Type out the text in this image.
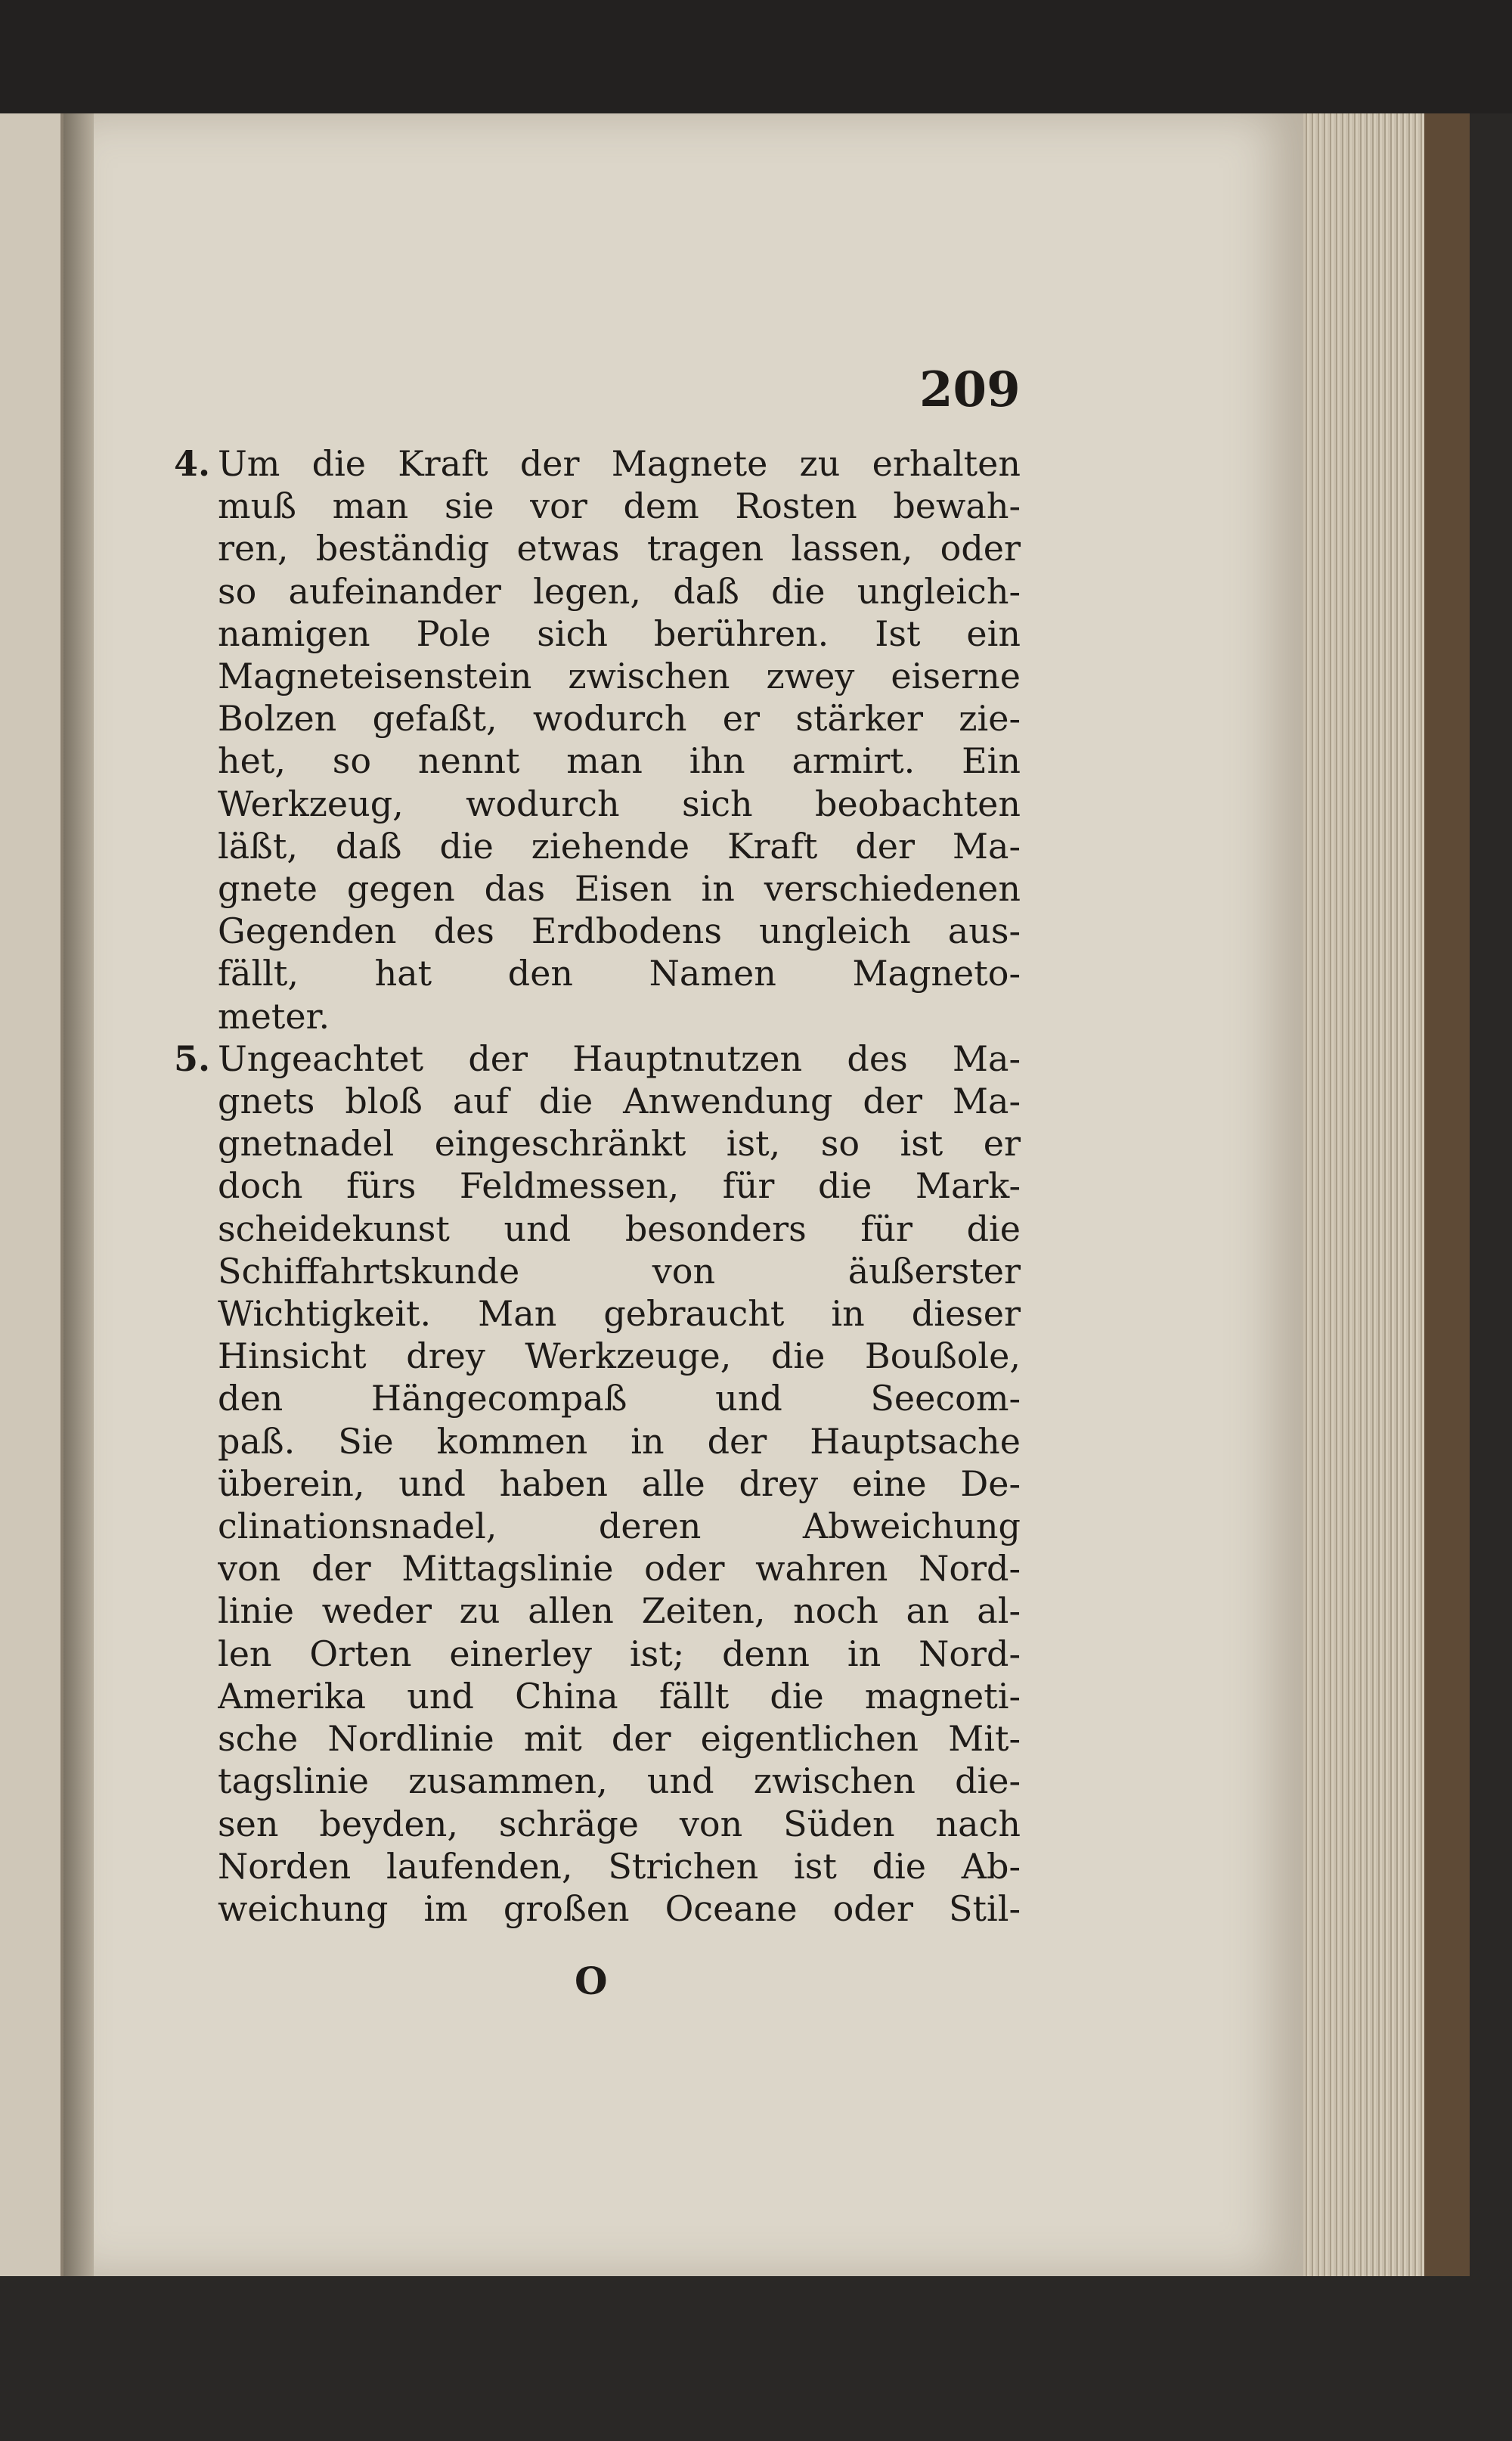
209
4. Um die Kraft der Magnete zu erhalten
muß man sie vor dem Rosten bewah-
ren, beständig etwas tragen lassen, oder
so aufeinander legen, daß die ungleich-
namigen Pole sich berühren. Ist ein
Magneteisenstein zwischen zwey eiserne
Bolzen gefaßt, wodurch er stärker zie-
het, so nennt man ihn armirt. Ein
Werkzeug, wodurch sich beobachten
läßt, daß die ziehende Kraft der Ma-
gnete gegen das Eisen in verschiedenen
Gegenden des Erdbodens ungleich aus-
fällt, hat den Namen Magneto-
meter.
5. Ungeachtet der Hauptnutzen des Ma-
gnets bloß auf die Anwendung der Ma-
gnetnadel eingeschränkt ist, so ist er
doch fürs Feldmessen, für die Mark-
scheidekunst und besonders für die
Schiffahrtskunde von äußerster
Wichtigkeit. Man gebraucht in dieser
Hinsicht drey Werkzeuge, die Boußole,
den Hängecompaß und Seecom-
paß. Sie kommen in der Hauptsache
überein, und haben alle drey eine De-
clinationsnadel, deren Abweichung
von der Mittagslinie oder wahren Nord-
linie weder zu allen Zeiten, noch an al-
len Orten einerley ist; denn in Nord-
Amerika und China fällt die magneti-
sche Nordlinie mit der eigentlichen Mit-
tagslinie zusammen, und zwischen die-
sen beyden, schräge von Süden nach
Norden laufenden, Strichen ist die Ab-
weichung im großen Oceane oder Stil-
O
